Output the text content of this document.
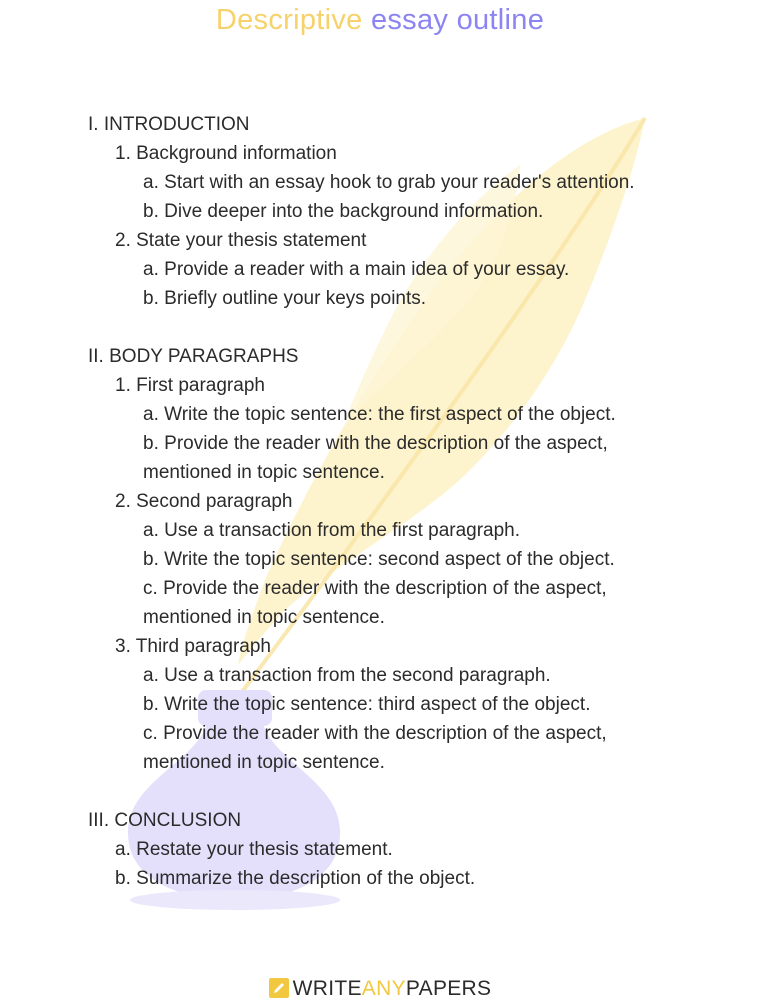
Descriptive essay outline

I. INTRODUCTION

1. Background information

a. Start with an essay hook to grab your reader's attention.

b. Dive deeper into the background information.

2. State your thesis statement

a. Provide a reader with a main idea of your essay.

b. Briefly outline your keys points.

II. BODY PARAGRAPHS

1. First paragraph

a. Write the topic sentence: the first aspect of the object.

b. Provide the reader with the description of the aspect,

mentioned in topic sentence.

2. Second paragraph

a. Use a transaction from the first paragraph.

b. Write the topic sentence: second aspect of the object.

c. Provide the reader with the description of the aspect,

mentioned in topic sentence.

3. Third paragraph

a. Use a transaction from the second paragraph.

b. Write the topic sentence: third aspect of the object.

c. Provide the reader with the description of the aspect,

mentioned in topic sentence.

III. CONCLUSION

a. Restate your thesis statement.

b. Summarize the description of the object.

WRITEANYPAPERS
